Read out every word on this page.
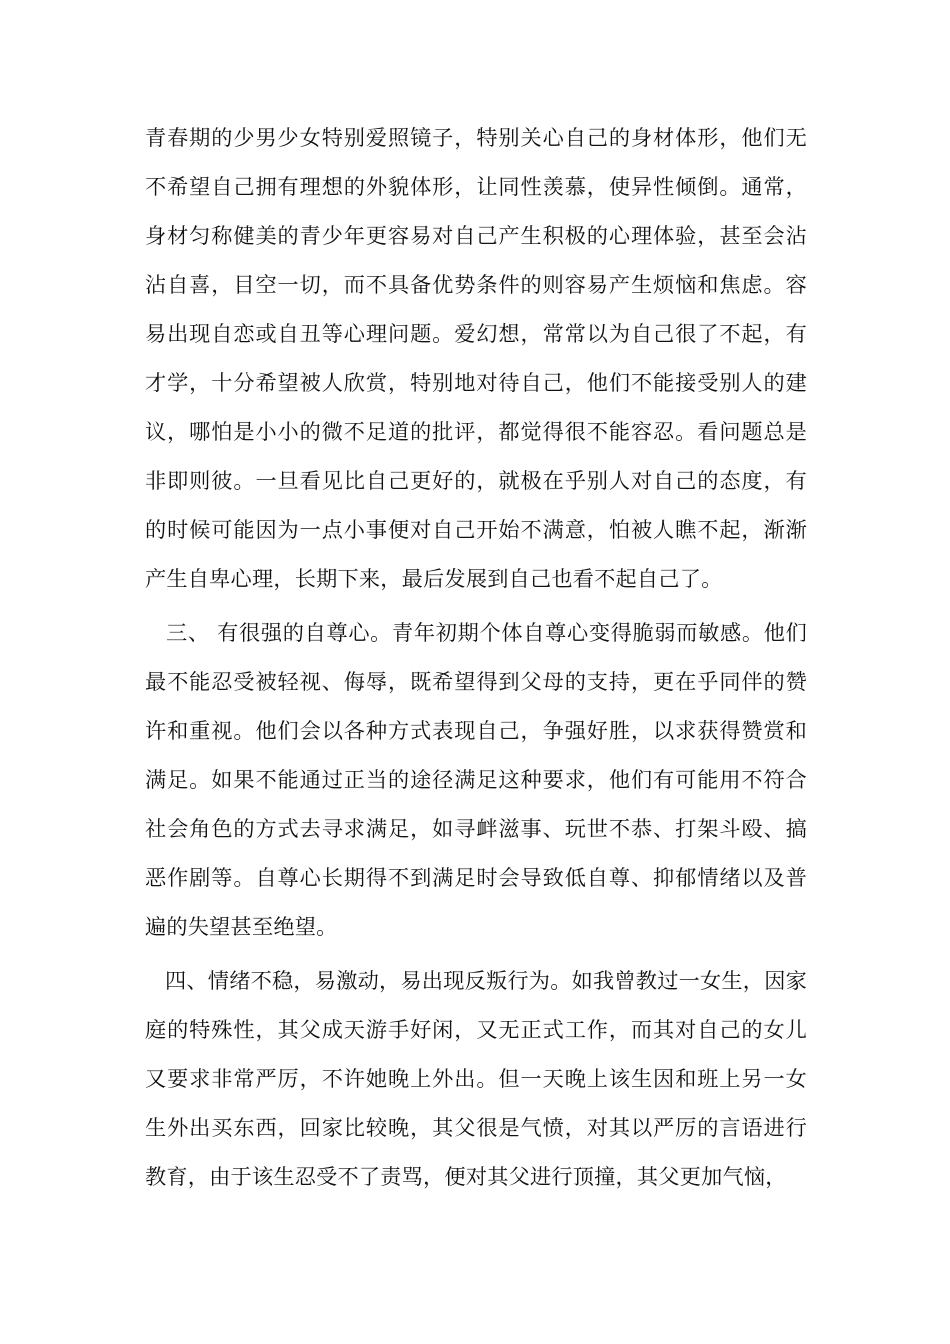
青春期的少男少女特别爱照镜子，特别关心自己的身材体形，他们无不希望自己拥有理想的外貌体形，让同性羡慕，使异性倾倒。通常，身材匀称健美的青少年更容易对自己产生积极的心理体验，甚至会沾沾自喜，目空一切，而不具备优势条件的则容易产生烦恼和焦虑。容易出现自恋或自丑等心理问题。爱幻想，常常以为自己很了不起，有才学，十分希望被人欣赏，特别地对待自己，他们不能接受别人的建议，哪怕是小小的微不足道的批评，都觉得很不能容忍。看问题总是非即则彼。一旦看见比自己更好的，就极在乎别人对自己的态度，有的时候可能因为一点小事便对自己开始不满意，怕被人瞧不起，渐渐产生自卑心理，长期下来，最后发展到自己也看不起自己了。

三、 有很强的自尊心。青年初期个体自尊心变得脆弱而敏感。他们最不能忍受被轻视、侮辱，既希望得到父母的支持，更在乎同伴的赞许和重视。他们会以各种方式表现自己，争强好胜，以求获得赞赏和满足。如果不能通过正当的途径满足这种要求，他们有可能用不符合社会角色的方式去寻求满足，如寻衅滋事、玩世不恭、打架斗殴、搞恶作剧等。自尊心长期得不到满足时会导致低自尊、抑郁情绪以及普遍的失望甚至绝望。

四、情绪不稳，易激动，易出现反叛行为。如我曾教过一女生，因家庭的特殊性，其父成天游手好闲，又无正式工作，而其对自己的女儿又要求非常严厉，不许她晚上外出。但一天晚上该生因和班上另一女生外出买东西，回家比较晚，其父很是气愤，对其以严厉的言语进行教育，由于该生忍受不了责骂，便对其父进行顶撞，其父更加气恼，
